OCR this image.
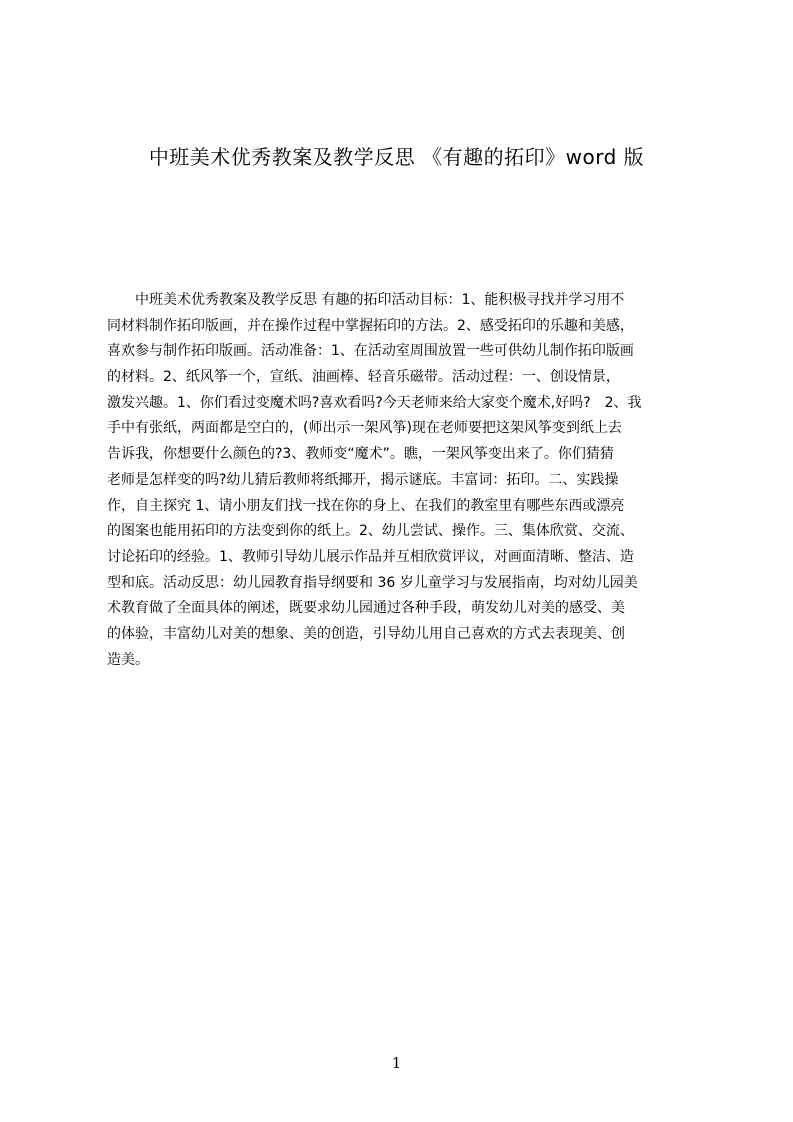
中班美术优秀教案及教学反思 《有趣的拓印》word 版
　　中班美术优秀教案及教学反思 有趣的拓印活动目标：1、能积极寻找并学习用不
同材料制作拓印版画，并在操作过程中掌握拓印的方法。2、感受拓印的乐趣和美感，
喜欢参与制作拓印版画。活动准备：1、在活动室周围放置一些可供幼儿制作拓印版画
的材料。2、纸风筝一个，宣纸、油画棒、轻音乐磁带。活动过程：一、创设情景，
激发兴趣。1、你们看过变魔术吗?喜欢看吗?今天老师来给大家变个魔术,好吗?　2、我
手中有张纸，两面都是空白的，(师出示一架风筝)现在老师要把这架风筝变到纸上去
告诉我，你想要什么颜色的?3、教师变“魔术”。瞧，一架风筝变出来了。你们猜猜
老师是怎样变的吗?幼儿猜后教师将纸揶开，揭示谜底。丰富词：拓印。二、实践操
作，自主探究 1、请小朋友们找一找在你的身上、在我们的教室里有哪些东西或漂亮
的图案也能用拓印的方法变到你的纸上。2、幼儿尝试、操作。三、集体欣赏、交流、
讨论拓印的经验。1、教师引导幼儿展示作品并互相欣赏评议，对画面清晰、整洁、造
型和底。活动反思：幼儿园教育指导纲要和 36 岁儿童学习与发展指南，均对幼儿园美
术教育做了全面具体的阐述，既要求幼儿园通过各种手段，萌发幼儿对美的感受、美
的体验，丰富幼儿对美的想象、美的创造，引导幼儿用自己喜欢的方式去表现美、创
造美。
1
